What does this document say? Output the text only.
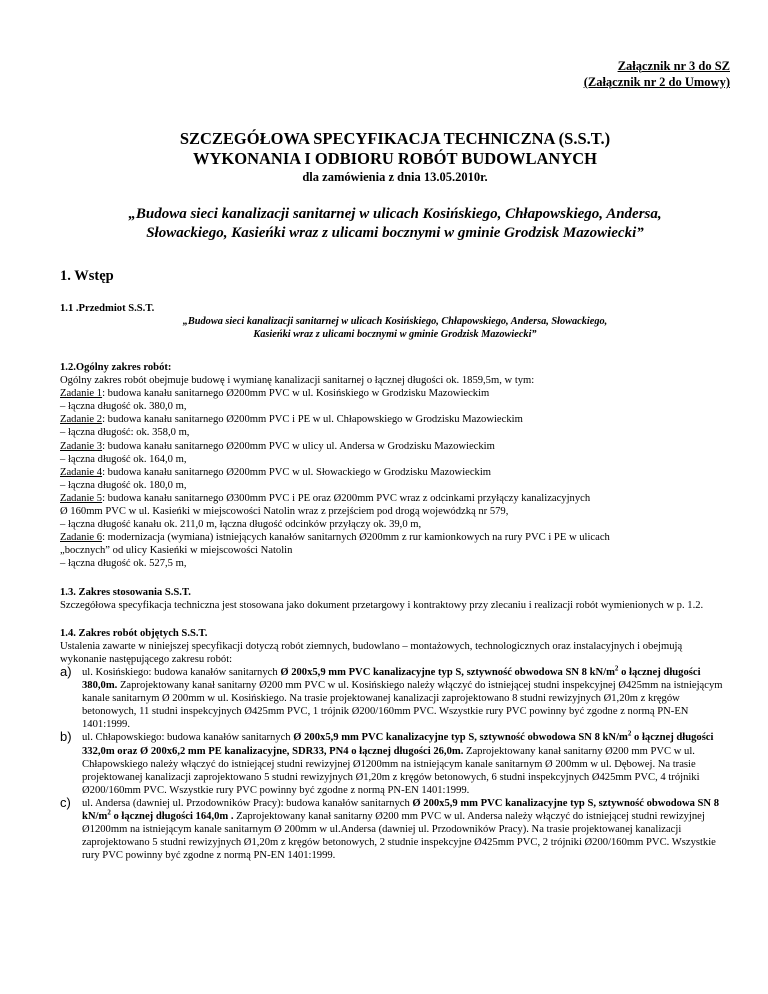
Załącznik nr 3 do SZ
(Załącznik nr 2 do Umowy)
SZCZEGÓŁOWA SPECYFIKACJA TECHNICZNA (S.S.T.)
WYKONANIA I ODBIORU ROBÓT BUDOWLANYCH
dla zamówienia z dnia 13.05.2010r.
„Budowa sieci kanalizacji sanitarnej w ulicach Kosińskiego, Chłapowskiego, Andersa,
Słowackiego, Kasieńki wraz z ulicami bocznymi w gminie Grodzisk Mazowiecki”
1. Wstęp
1.1 .Przedmiot S.S.T.
„Budowa sieci kanalizacji sanitarnej w ulicach Kosińskiego, Chłapowskiego, Andersa, Słowackiego,
Kasieńki wraz z ulicami bocznymi w gminie Grodzisk Mazowiecki”
1.2.Ogólny zakres robót:
Ogólny zakres robót obejmuje budowę i wymianę kanalizacji sanitarnej o łącznej długości ok. 1859,5m, w tym:
Zadanie 1: budowa kanału sanitarnego Ø200mm PVC w ul. Kosińskiego w Grodzisku Mazowieckim
– łączna długość ok. 380,0 m,
Zadanie 2: budowa kanału sanitarnego Ø200mm PVC i PE w ul. Chłapowskiego w Grodzisku Mazowieckim
– łączna długość: ok. 358,0 m,
Zadanie 3: budowa kanału sanitarnego Ø200mm PVC w ulicy ul. Andersa w Grodzisku Mazowieckim
– łączna długość ok. 164,0 m,
Zadanie 4: budowa kanału sanitarnego Ø200mm PVC w ul. Słowackiego w Grodzisku Mazowieckim
– łączna długość ok. 180,0 m,
Zadanie 5: budowa kanału sanitarnego Ø300mm PVC i PE oraz Ø200mm PVC wraz z odcinkami przyłączy kanalizacyjnych
Ø 160mm PVC w ul. Kasieńki w miejscowości Natolin wraz z przejściem pod drogą wojewódzką nr 579,
– łączna długość kanału ok. 211,0 m, łączna długość odcinków przyłączy ok. 39,0 m,
Zadanie 6: modernizacja (wymiana) istniejących kanałów sanitarnych Ø200mm z rur kamionkowych na rury PVC i PE w ulicach
„bocznych” od ulicy Kasieńki w miejscowości Natolin
– łączna długość ok. 527,5 m,
1.3. Zakres stosowania S.S.T.
Szczegółowa specyfikacja techniczna jest stosowana jako dokument przetargowy i kontraktowy przy zlecaniu i realizacji robót wymienionych w p. 1.2.
1.4. Zakres robót objętych S.S.T.
Ustalenia zawarte w niniejszej specyfikacji dotyczą robót ziemnych, budowlano – montażowych, technologicznych oraz instalacyjnych i obejmują wykonanie następującego zakresu robót:
a) ul. Kosińskiego: budowa kanałów sanitarnych Ø 200x5,9 mm PVC kanalizacyjne typ S, sztywność obwodowa SN 8 $kN/m^2$ o łącznej długości 380,0m. Zaprojektowany kanał sanitarny Ø200 mm PVC w ul. Kosińskiego należy włączyć do istniejącej studni inspekcyjnej Ø425mm na istniejącym kanale sanitarnym Ø 200mm w ul. Kosińskiego. Na trasie projektowanej kanalizacji zaprojektowano 8 studni rewizyjnych Ø1,20m z kręgów betonowych, 11 studni inspekcyjnych Ø425mm PVC, 1 trójnik Ø200/160mm PVC. Wszystkie rury PVC powinny być zgodne z normą PN-EN 1401:1999.
b) ul. Chłapowskiego: budowa kanałów sanitarnych Ø 200x5,9 mm PVC kanalizacyjne typ S, sztywność obwodowa SN 8 $kN/m^2$ o łącznej długości 332,0m oraz Ø 200x6,2 mm PE kanalizacyjne, SDR33, PN4 o łącznej długości 26,0m. Zaprojektowany kanał sanitarny Ø200 mm PVC w ul. Chłapowskiego należy włączyć do istniejącej studni rewizyjnej Ø1200mm na istniejącym kanale sanitarnym Ø 200mm w ul. Dębowej. Na trasie projektowanej kanalizacji zaprojektowano 5 studni rewizyjnych Ø1,20m z kręgów betonowych, 6 studni inspekcyjnych Ø425mm PVC, 4 trójniki Ø200/160mm PVC. Wszystkie rury PVC powinny być zgodne z normą PN-EN 1401:1999.
c) ul. Andersa (dawniej ul. Przodowników Pracy): budowa kanałów sanitarnych Ø 200x5,9 mm PVC kanalizacyjne typ S, sztywność obwodowa SN 8 $kN/m^2$ o łącznej długości 164,0m . Zaprojektowany kanał sanitarny Ø200 mm PVC w ul. Andersa należy włączyć do istniejącej studni rewizyjnej Ø1200mm na istniejącym kanale sanitarnym Ø 200mm w ul.Andersa (dawniej ul. Przodowników Pracy). Na trasie projektowanej kanalizacji zaprojektowano 5 studni rewizyjnych Ø1,20m z kręgów betonowych, 2 studnie inspekcyjne Ø425mm PVC, 2 trójniki Ø200/160mm PVC. Wszystkie rury PVC powinny być zgodne z normą PN-EN 1401:1999.
